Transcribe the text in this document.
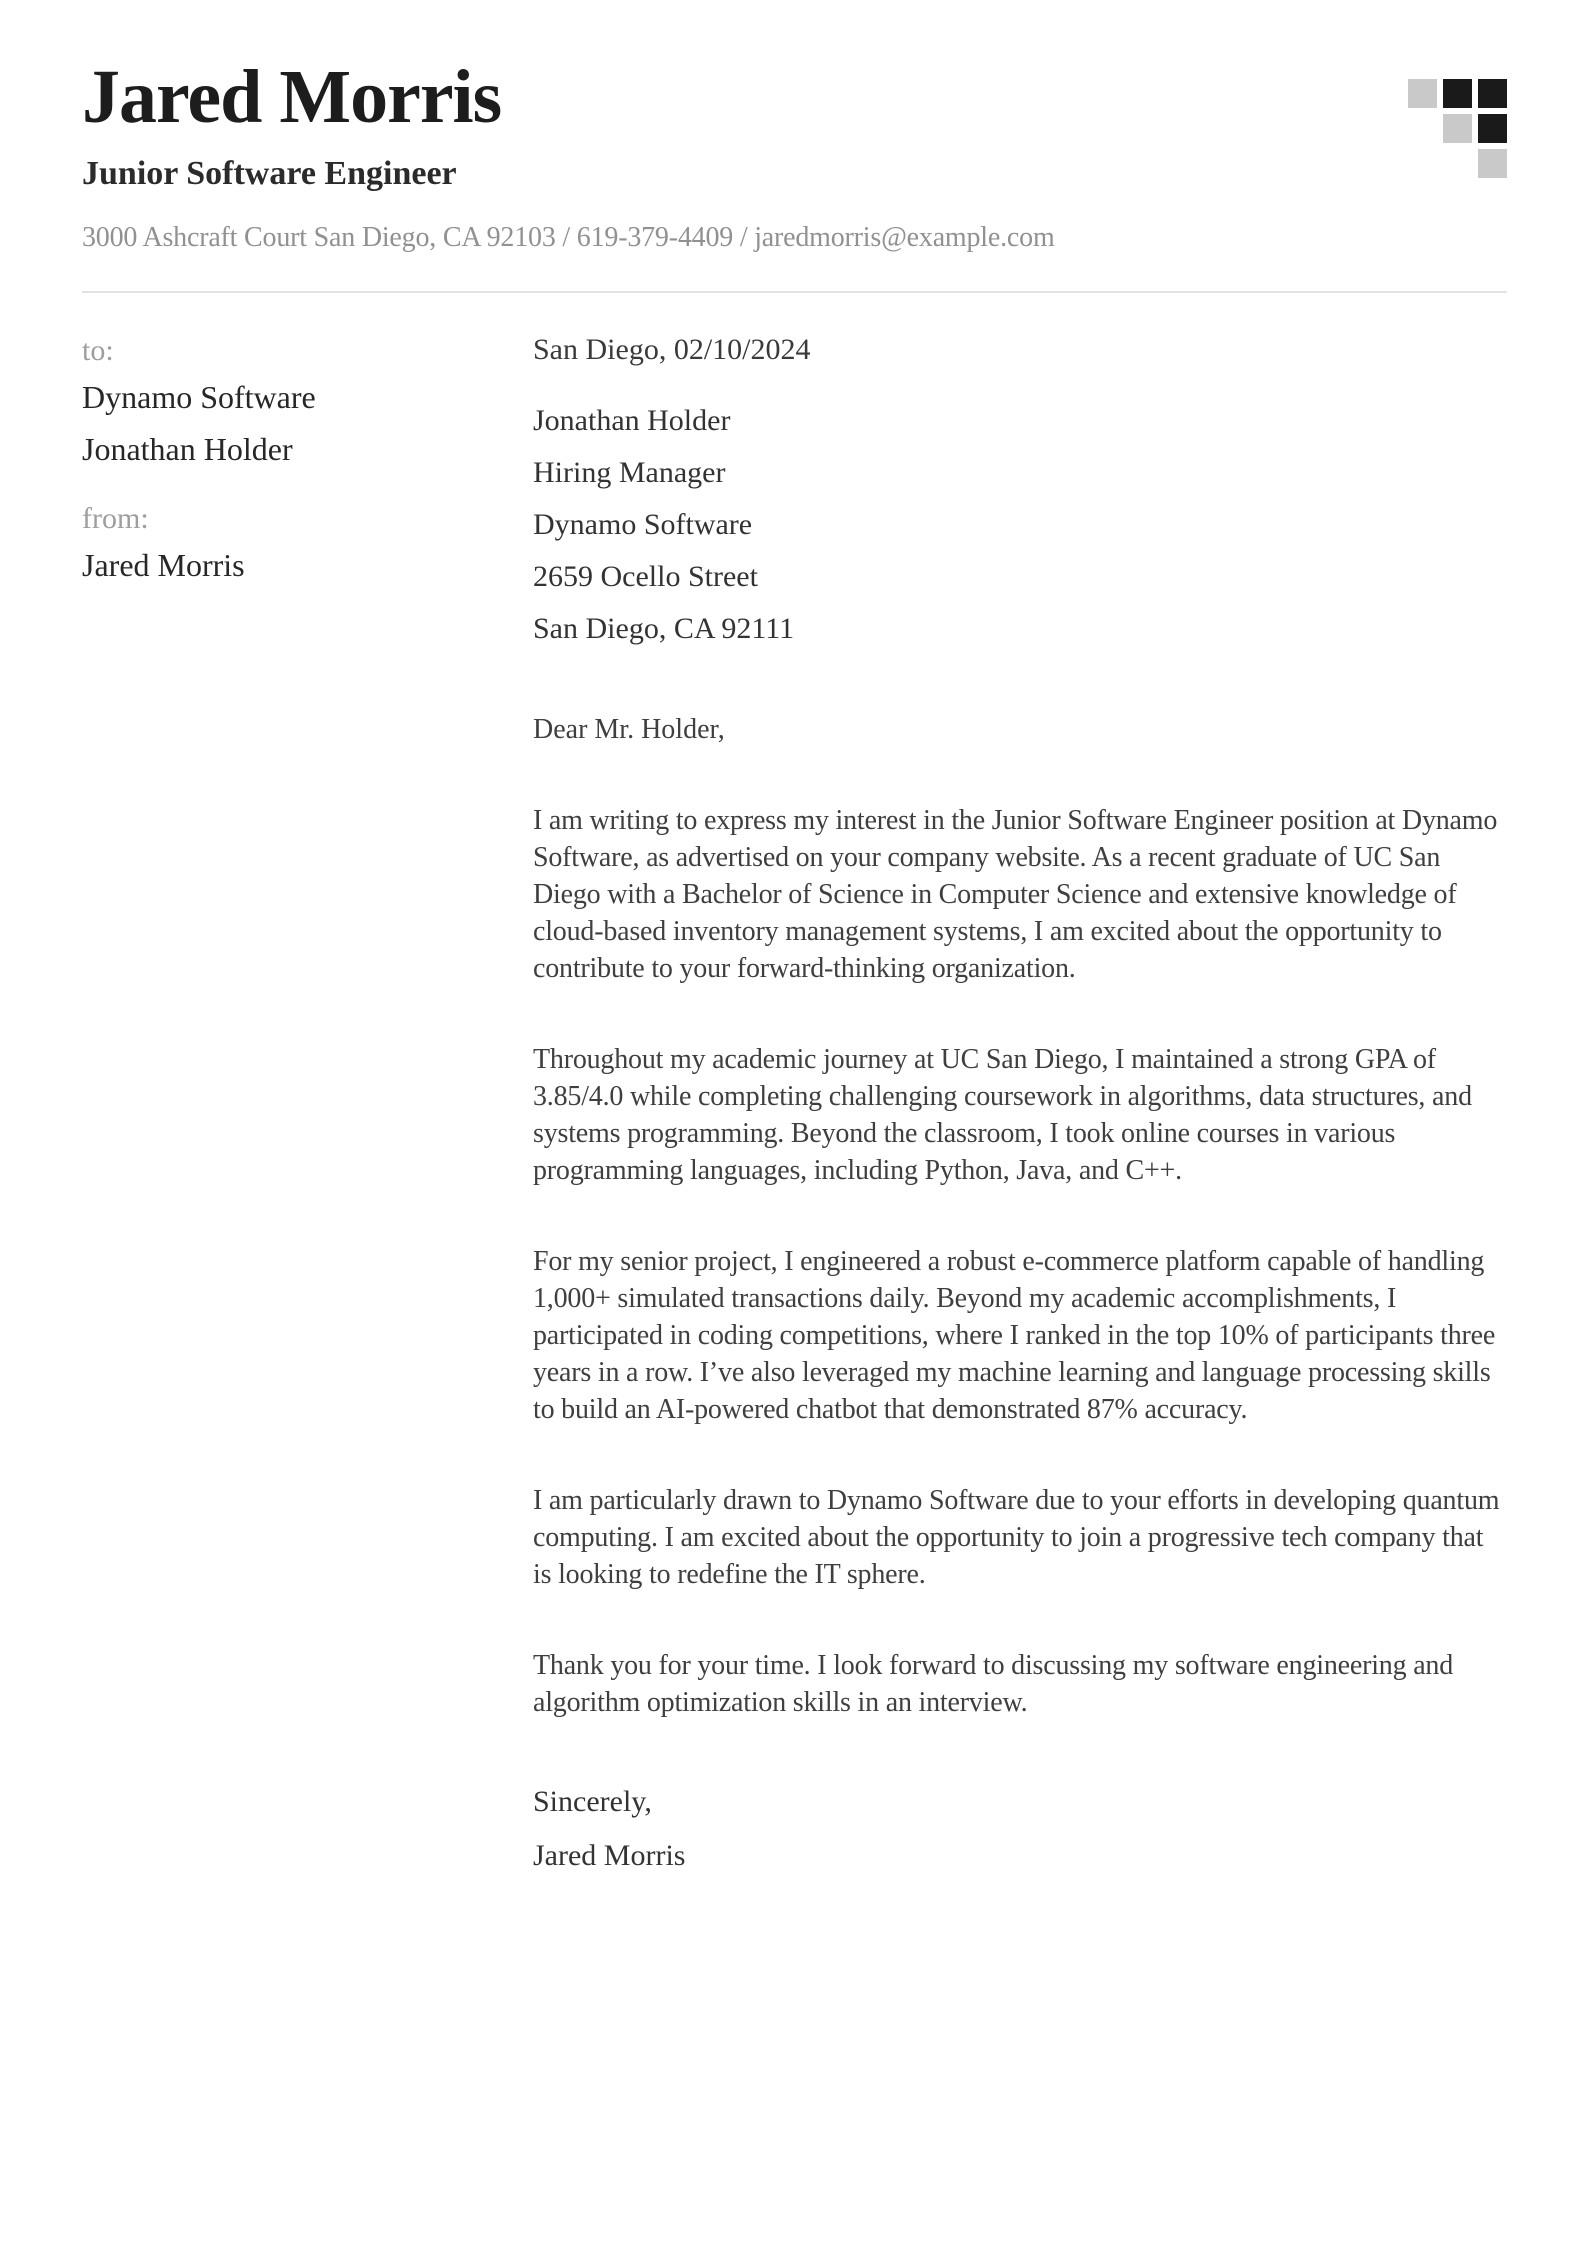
Jared Morris
Junior Software Engineer
3000 Ashcraft Court San Diego, CA 92103 / 619-379-4409 / jaredmorris@example.com
to:
Dynamo Software
Jonathan Holder
from:
Jared Morris

San Diego, 02/10/2024

Jonathan Holder

Hiring Manager

Dynamo Software

2659 Ocello Street

San Diego, CA 92111

Dear Mr. Holder,

I am writing to express my interest in the Junior Software Engineer position at Dynamo Software, as advertised on your company website. As a recent graduate of UC San Diego with a Bachelor of Science in Computer Science and extensive knowledge of cloud-based inventory management systems, I am excited about the opportunity to contribute to your forward-thinking organization.

Throughout my academic journey at UC San Diego, I maintained a strong GPA of 3.85/4.0 while completing challenging coursework in algorithms, data structures, and systems programming. Beyond the classroom, I took online courses in various programming languages, including Python, Java, and C++.

For my senior project, I engineered a robust e-commerce platform capable of handling 1,000+ simulated transactions daily. Beyond my academic accomplishments, I participated in coding competitions, where I ranked in the top 10% of participants three years in a row. I’ve also leveraged my machine learning and language processing skills to build an AI-powered chatbot that demonstrated 87% accuracy.

I am particularly drawn to Dynamo Software due to your efforts in developing quantum computing. I am excited about the opportunity to join a progressive tech company that is looking to redefine the IT sphere.

Thank you for your time. I look forward to discussing my software engineering and algorithm optimization skills in an interview.

Sincerely,

Jared Morris
